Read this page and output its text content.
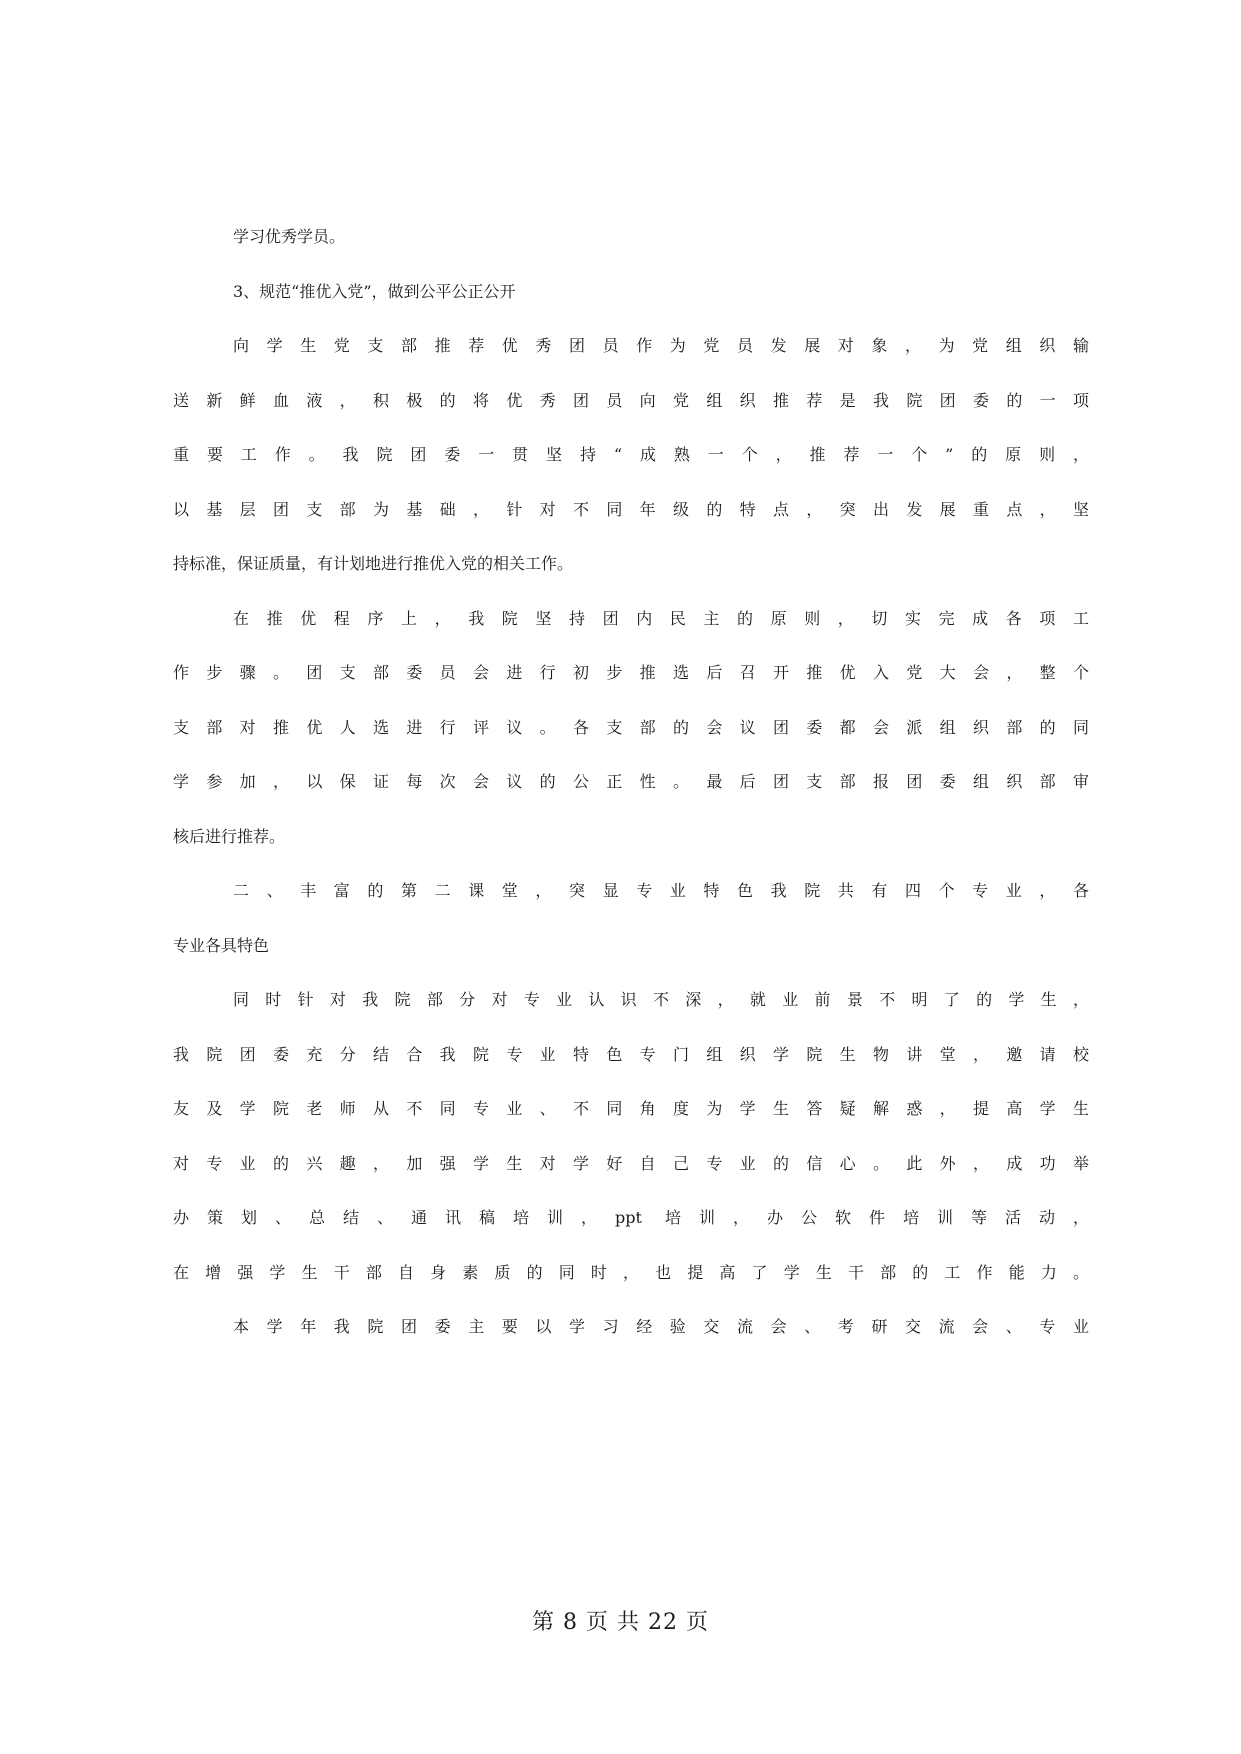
学习优秀学员。
3、规范“推优入党”，做到公平公正公开
向学生党支部推荐优秀团员作为党员发展对象，为党组织输
送新鲜血液，积极的将优秀团员向党组织推荐是我院团委的一项
重要工作。我院团委一贯坚持“成熟一个，推荐一个”的原则，
以基层团支部为基础，针对不同年级的特点，突出发展重点，坚
持标准，保证质量，有计划地进行推优入党的相关工作。
在推优程序上，我院坚持团内民主的原则，切实完成各项工
作步骤。团支部委员会进行初步推选后召开推优入党大会，整个
支部对推优人选进行评议。各支部的会议团委都会派组织部的同
学参加，以保证每次会议的公正性。最后团支部报团委组织部审
核后进行推荐。
二、丰富的第二课堂，突显专业特色我院共有四个专业，各
专业各具特色
同时针对我院部分对专业认识不深，就业前景不明了的学生，
我院团委充分结合我院专业特色专门组织学院生物讲堂，邀请校
友及学院老师从不同专业、不同角度为学生答疑解惑，提高学生
对专业的兴趣，加强学生对学好自己专业的信心。此外，成功举
办策划、总结、通讯稿培训，ppt 培训，办公软件培训等活动，
在增强学生干部自身素质的同时，也提高了学生干部的工作能力。
本学年我院团委主要以学习经验交流会、考研交流会、专业
第 8 页 共 22 页
